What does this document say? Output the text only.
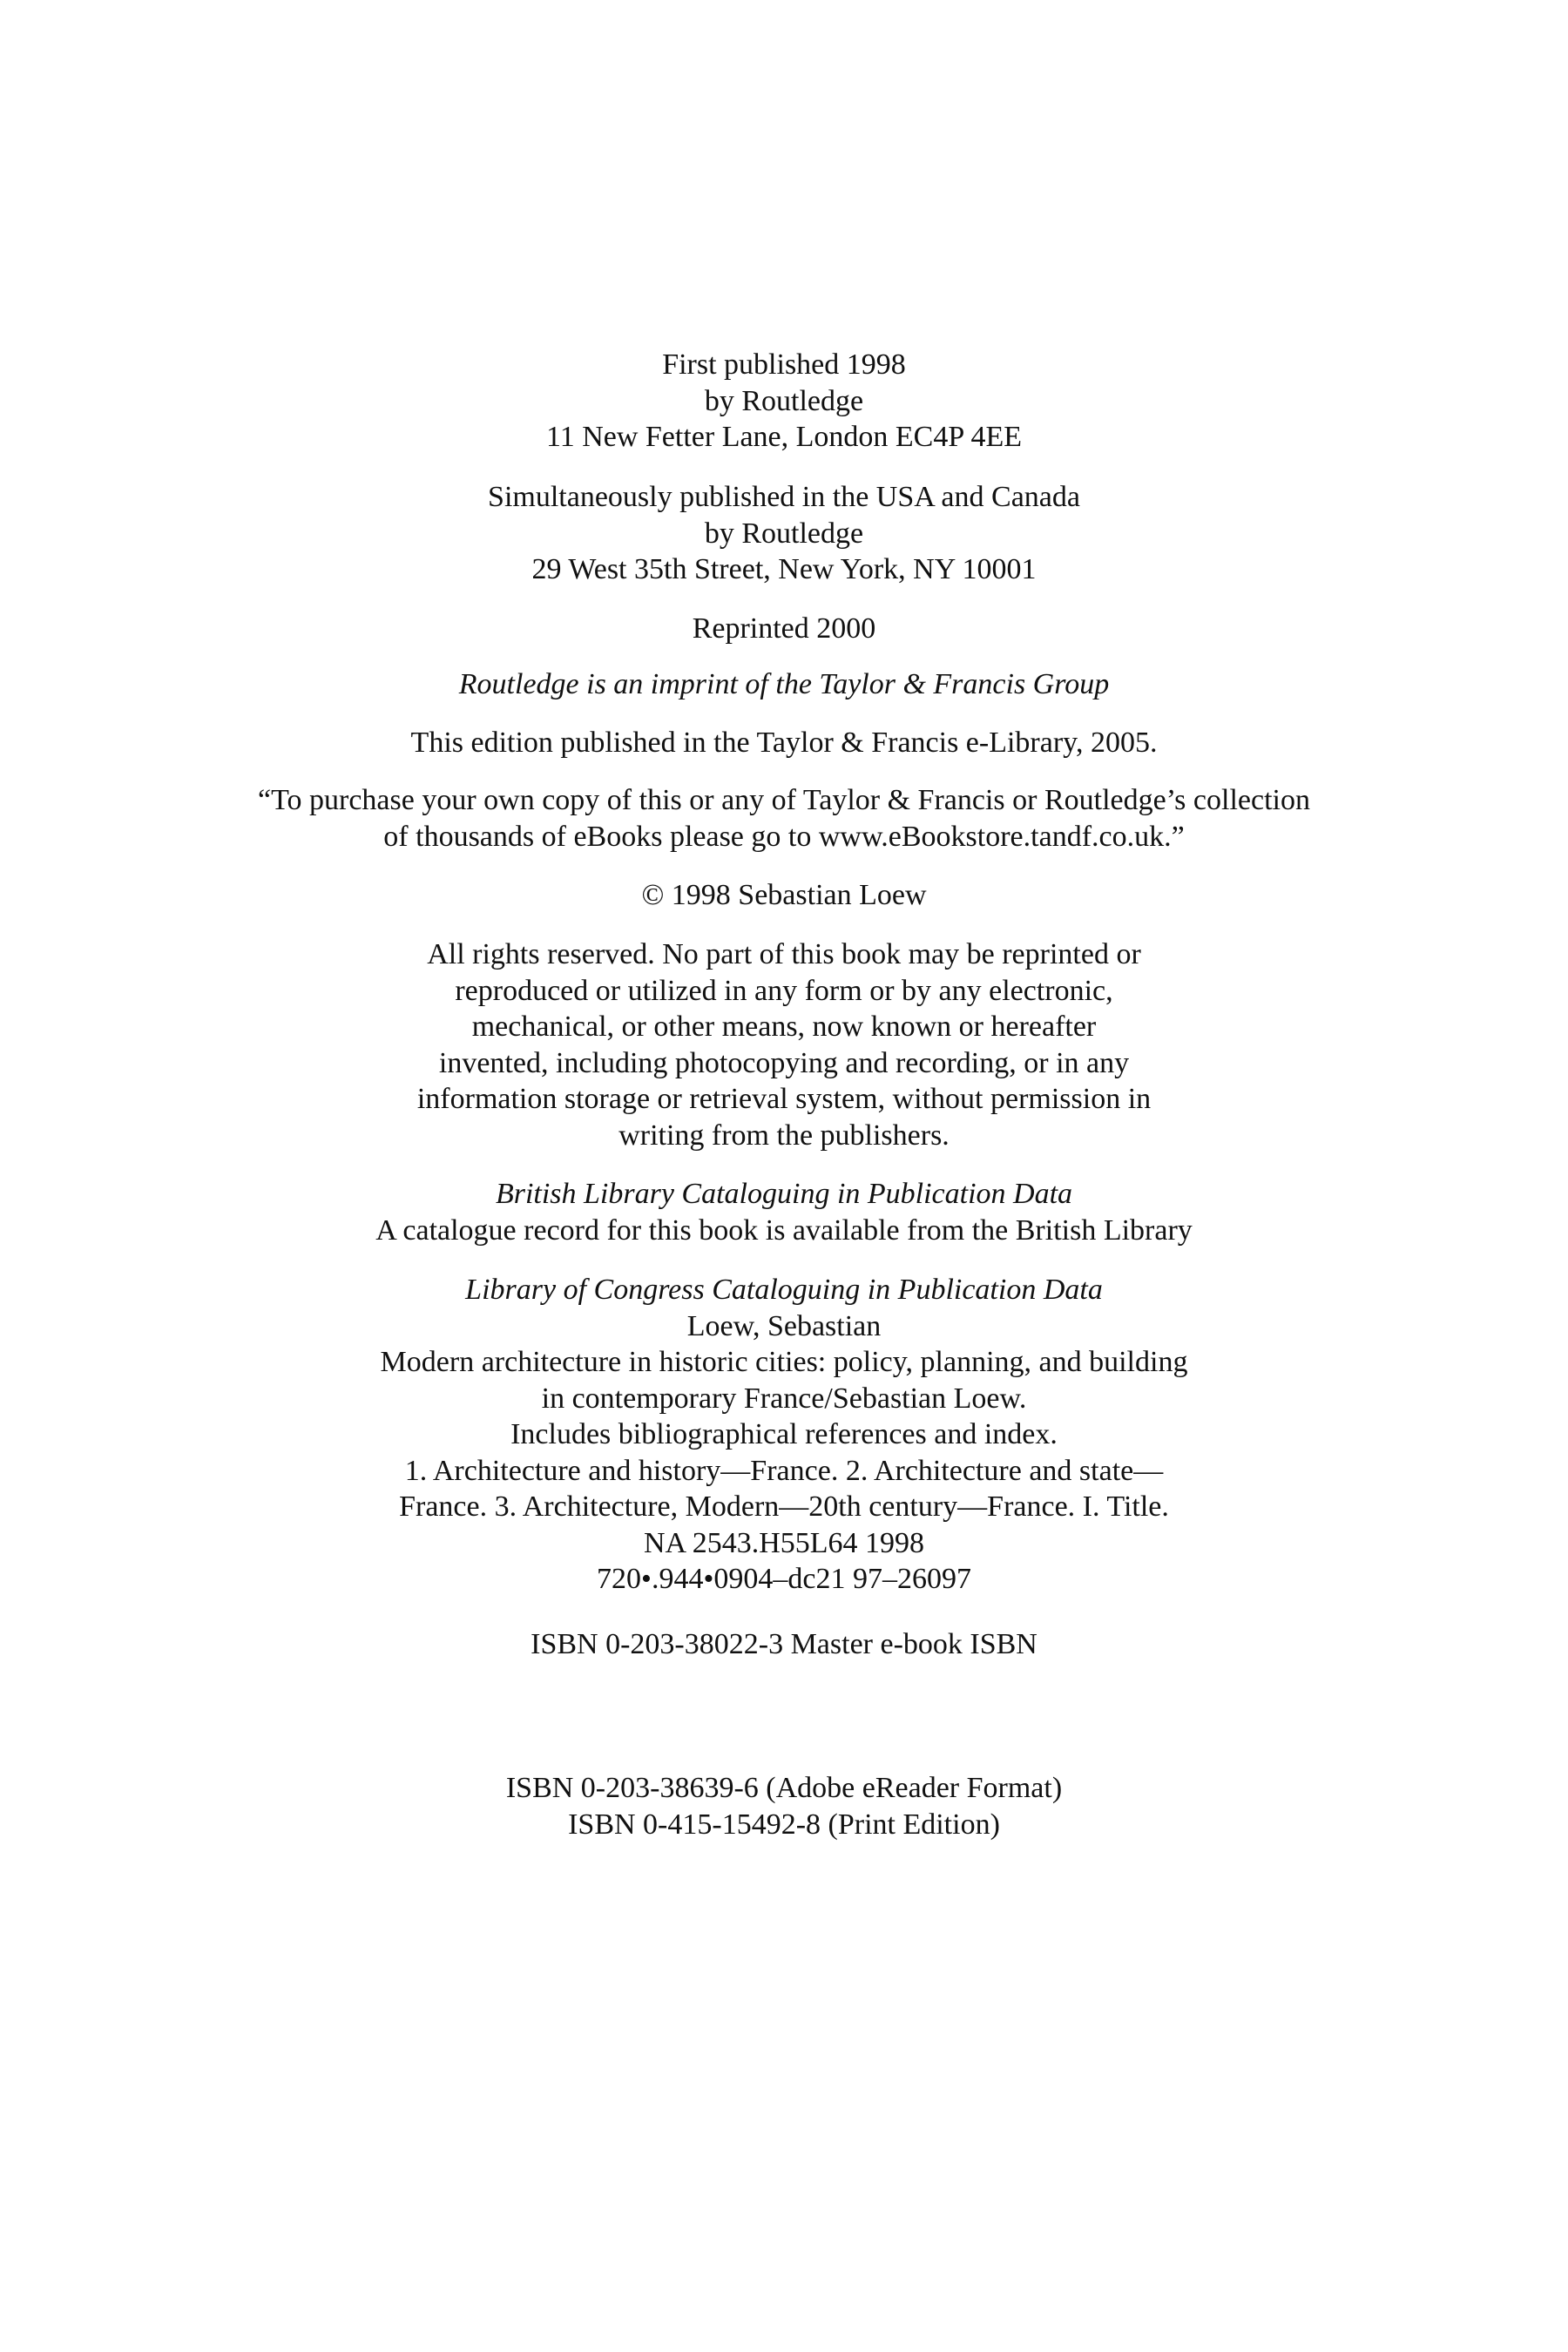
First published 1998
by Routledge
11 New Fetter Lane, London EC4P 4EE
Simultaneously published in the USA and Canada
by Routledge
29 West 35th Street, New York, NY 10001
Reprinted 2000
Routledge is an imprint of the Taylor & Francis Group
This edition published in the Taylor & Francis e-Library, 2005.
“To purchase your own copy of this or any of Taylor & Francis or Routledge’s collection
of thousands of eBooks please go to www.eBookstore.tandf.co.uk.”
© 1998 Sebastian Loew
All rights reserved. No part of this book may be reprinted or
reproduced or utilized in any form or by any electronic,
mechanical, or other means, now known or hereafter
invented, including photocopying and recording, or in any
information storage or retrieval system, without permission in
writing from the publishers.
British Library Cataloguing in Publication Data
A catalogue record for this book is available from the British Library
Library of Congress Cataloguing in Publication Data
Loew, Sebastian
Modern architecture in historic cities: policy, planning, and building
in contemporary France/Sebastian Loew.
Includes bibliographical references and index.
1. Architecture and history—France. 2. Architecture and state—
France. 3. Architecture, Modern—20th century—France. I. Title.
NA 2543.H55L64 1998
720•.944•0904–dc21 97–26097
ISBN 0-203-38022-3 Master e-book ISBN
ISBN 0-203-38639-6 (Adobe eReader Format)
ISBN 0-415-15492-8 (Print Edition)
